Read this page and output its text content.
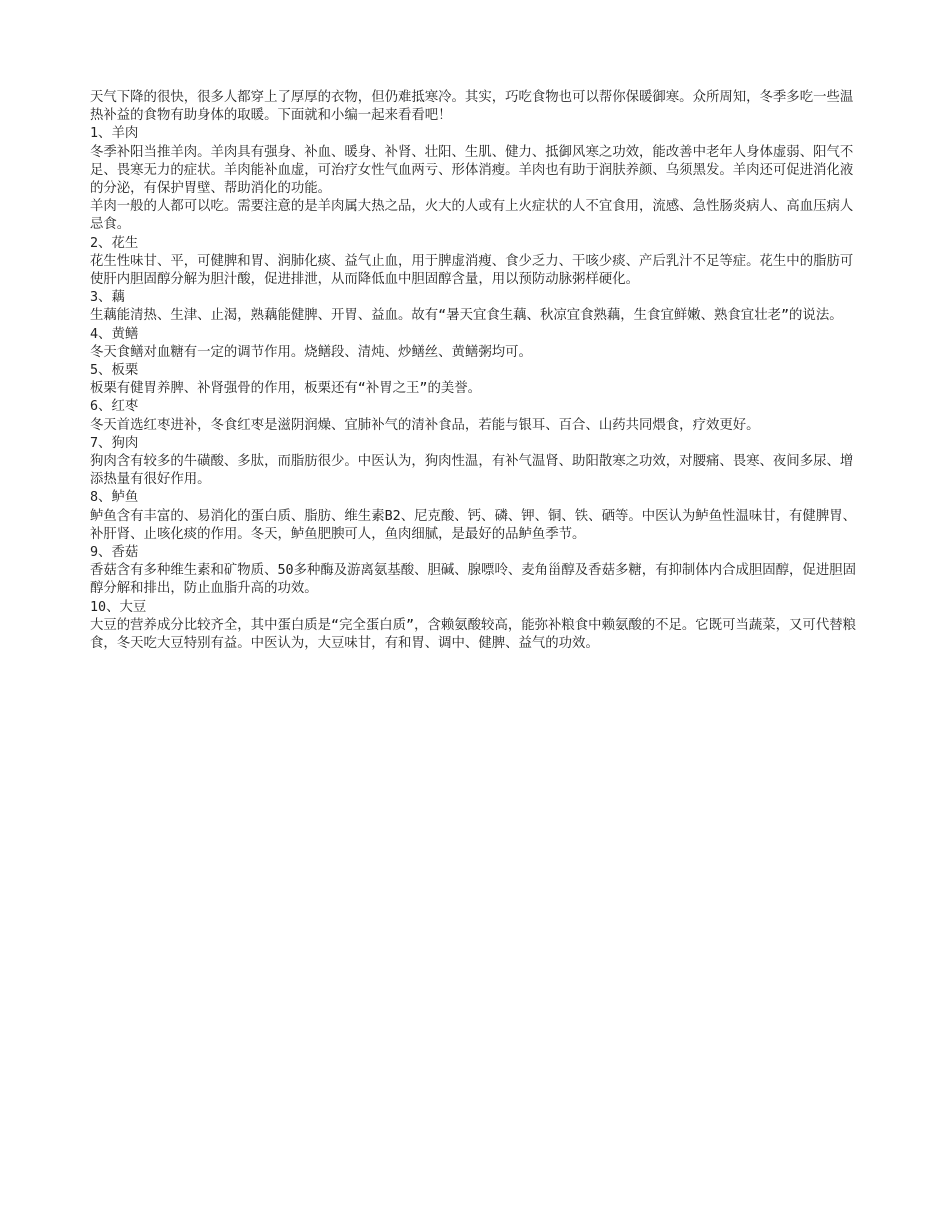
天气下降的很快，很多人都穿上了厚厚的衣物，但仍难抵寒冷。其实，巧吃食物也可以帮你保暖御寒。众所周知，冬季多吃一些温热补益的食物有助身体的取暖。下面就和小编一起来看看吧！

1、羊肉

冬季补阳当推羊肉。羊肉具有强身、补血、暖身、补肾、壮阳、生肌、健力、抵御风寒之功效，能改善中老年人身体虚弱、阳气不足、畏寒无力的症状。羊肉能补血虚，可治疗女性气血两亏、形体消瘦。羊肉也有助于润肤养颜、乌须黑发。羊肉还可促进消化液的分泌，有保护胃壁、帮助消化的功能。

羊肉一般的人都可以吃。需要注意的是羊肉属大热之品，火大的人或有上火症状的人不宜食用，流感、急性肠炎病人、高血压病人忌食。

2、花生

花生性味甘、平，可健脾和胃、润肺化痰、益气止血，用于脾虚消瘦、食少乏力、干咳少痰、产后乳汁不足等症。花生中的脂肪可使肝内胆固醇分解为胆汁酸，促进排泄，从而降低血中胆固醇含量，用以预防动脉粥样硬化。

3、藕

生藕能清热、生津、止渴，熟藕能健脾、开胃、益血。故有“暑天宜食生藕、秋凉宜食熟藕，生食宜鲜嫩、熟食宜壮老”的说法。

4、黄鳝

冬天食鳝对血糖有一定的调节作用。烧鳝段、清炖、炒鳝丝、黄鳝粥均可。

5、板栗

板栗有健胃养脾、补肾强骨的作用，板栗还有“补胃之王”的美誉。

6、红枣

冬天首选红枣进补，冬食红枣是滋阴润燥、宜肺补气的清补食品，若能与银耳、百合、山药共同煨食，疗效更好。

7、狗肉

狗肉含有较多的牛磺酸、多肽，而脂肪很少。中医认为，狗肉性温，有补气温肾、助阳散寒之功效，对腰痛、畏寒、夜间多尿、增添热量有很好作用。

8、鲈鱼

鲈鱼含有丰富的、易消化的蛋白质、脂肪、维生素B2、尼克酸、钙、磷、钾、铜、铁、硒等。中医认为鲈鱼性温味甘，有健脾胃、补肝肾、止咳化痰的作用。冬天，鲈鱼肥腴可人，鱼肉细腻，是最好的品鲈鱼季节。

9、香菇

香菇含有多种维生素和矿物质、50多种酶及游离氨基酸、胆碱、腺嘌呤、麦角甾醇及香菇多糖，有抑制体内合成胆固醇，促进胆固醇分解和排出，防止血脂升高的功效。

10、大豆

大豆的营养成分比较齐全，其中蛋白质是“完全蛋白质”，含赖氨酸较高，能弥补粮食中赖氨酸的不足。它既可当蔬菜，又可代替粮食，冬天吃大豆特别有益。中医认为，大豆味甘，有和胃、调中、健脾、益气的功效。
